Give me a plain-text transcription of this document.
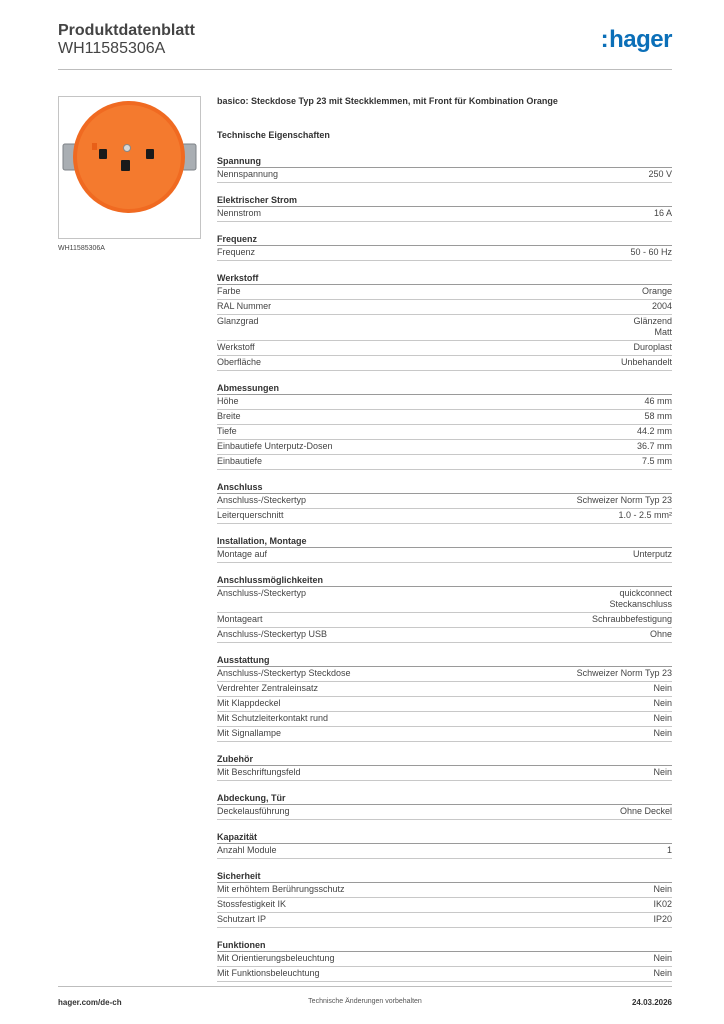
Produktdatenblatt
WH11585306A	:hager
WH11585306A
basico: Steckdose Typ 23 mit Steckklemmen, mit Front für Kombination Orange
Technische Eigenschaften
Spannung
Nennspannung	250 V
Elektrischer Strom
Nennstrom	16 A
Frequenz
Frequenz	50 - 60 Hz
Werkstoff
Farbe	Orange
RAL Nummer	2004
Glanzgrad	Glänzend
Matt
Werkstoff	Duroplast
Oberfläche	Unbehandelt
Abmessungen
Höhe	46 mm
Breite	58 mm
Tiefe	44.2 mm
Einbautiefe Unterputz-Dosen	36.7 mm
Einbautiefe	7.5 mm
Anschluss
Anschluss-/Steckertyp	Schweizer Norm Typ 23
Leiterquerschnitt	1.0 - 2.5 mm²
Installation, Montage
Montage auf	Unterputz
Anschlussmöglichkeiten
Anschluss-/Steckertyp	quickconnect
Steckanschluss
Montageart	Schraubbefestigung
Anschluss-/Steckertyp USB	Ohne
Ausstattung
Anschluss-/Steckertyp Steckdose	Schweizer Norm Typ 23
Verdrehter Zentraleinsatz	Nein
Mit Klappdeckel	Nein
Mit Schutzleiterkontakt rund	Nein
Mit Signallampe	Nein
Zubehör
Mit Beschriftungsfeld	Nein
Abdeckung, Tür
Deckelausführung	Ohne Deckel
Kapazität
Anzahl Module	1
Sicherheit
Mit erhöhtem Berührungsschutz	Nein
Stossfestigkeit IK	IK02
Schutzart IP	IP20
Funktionen
Mit Orientierungsbeleuchtung	Nein
Mit Funktionsbeleuchtung	Nein
hager.com/de-ch	Technische Änderungen vorbehalten	24.03.2026
